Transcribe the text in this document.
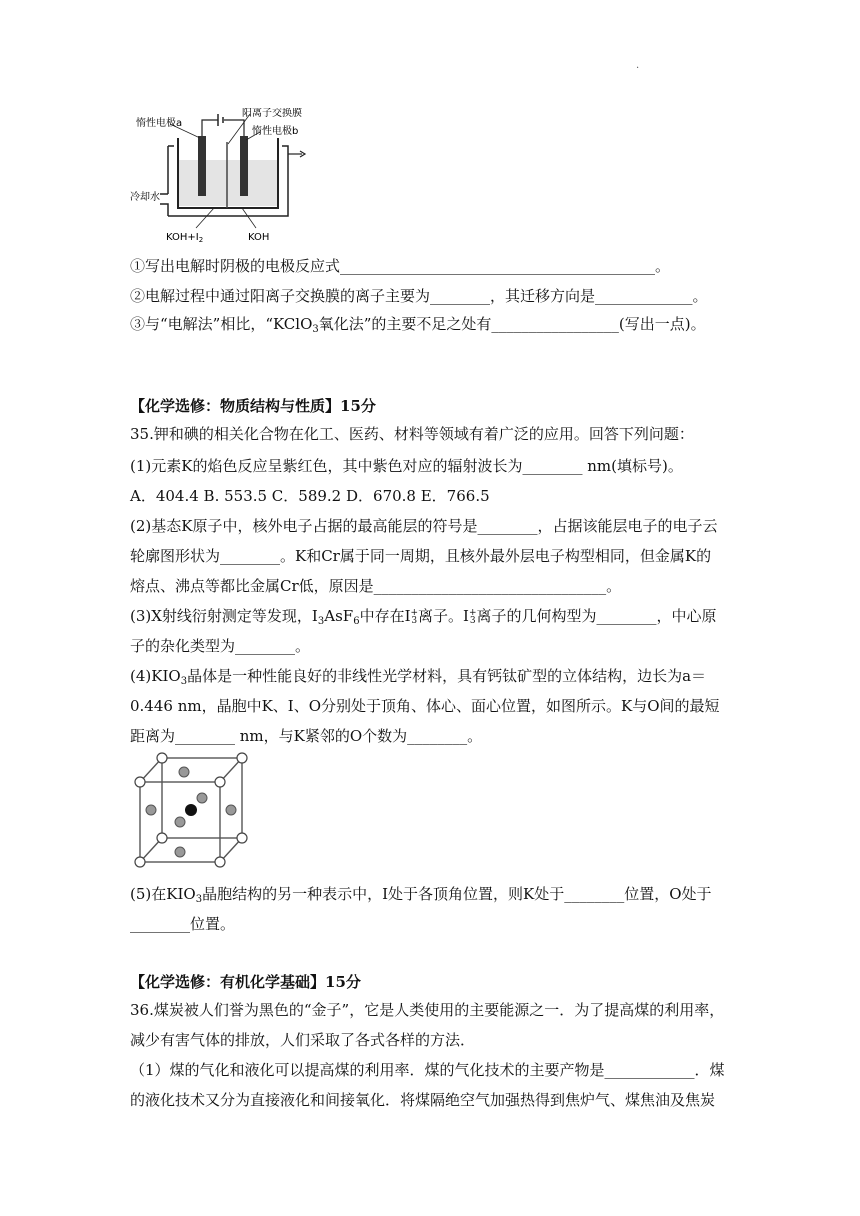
.
惰性电极a
阳离子交换膜
惰性电极b
冷却水
$KOH+I_2$	KOH
①写出电解时阴极的电极反应式__________________________________________。
②电解过程中通过阳离子交换膜的离子主要为________，其迁移方向是_____________。
③与“电解法”相比，“KClO$_3$氧化法”的主要不足之处有_________________(写出一点)。
【化学选修：物质结构与性质】15分
35.钾和碘的相关化合物在化工、医药、材料等领域有着广泛的应用。回答下列问题：
(1)元素K的焰色反应呈紫红色，其中紫色对应的辐射波长为________ nm(填标号)。
A．404.4 B. 553.5 C．589.2 D．670.8 E．766.5
(2)基态K原子中，核外电子占据的最高能层的符号是________，占据该能层电子的电子云
轮廓图形状为________。K和Cr属于同一周期，且核外最外层电子构型相同，但金属K的
熔点、沸点等都比金属Cr低，原因是_______________________________。
(3)X射线衍射测定等发现，$I_3AsF_6$中存在I+
3离子。I+
3离子的几何构型为________，中心原
子的杂化类型为________。
$(4)KIO_3$晶体是一种性能良好的非线性光学材料，具有钙钛矿型的立体结构，边长为a＝
0.446 nm，晶胞中K、I、O分别处于顶角、体心、面心位置，如图所示。K与O间的最短
距离为________ nm，与K紧邻的O个数为________。
(5)在$KIO_3$晶胞结构的另一种表示中，I处于各顶角位置，则K处于________位置，O处于
________位置。
【化学选修：有机化学基础】15分
36.煤炭被人们誉为黑色的“金子”，它是人类使用的主要能源之一．为了提高煤的利用率，
减少有害气体的排放，人们采取了各式各样的方法．
（1）煤的气化和液化可以提高煤的利用率．煤的气化技术的主要产物是____________．煤
的液化技术又分为直接液化和间接氧化．将煤隔绝空气加强热得到焦炉气、煤焦油及焦炭
